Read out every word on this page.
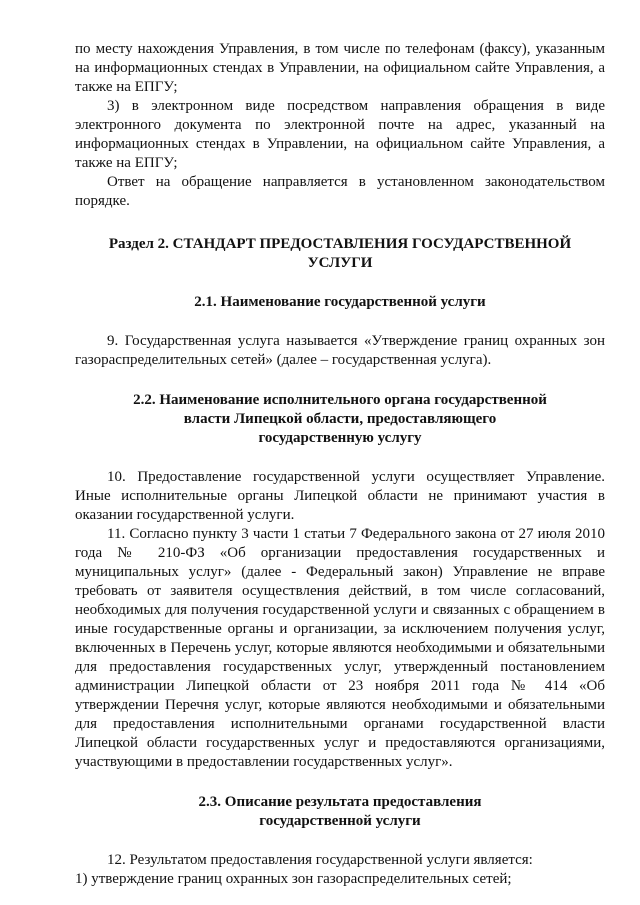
по месту нахождения Управления, в том числе по телефонам (факсу), указанным на информационных стендах в Управлении, на официальном сайте Управления, а также на ЕПГУ;

3) в электронном виде посредством направления обращения в виде электронного документа по электронной почте на адрес, указанный на информационных стендах в Управлении, на официальном сайте Управления, а также на ЕПГУ;

Ответ на обращение направляется в установленном законодательством порядке.

Раздел 2. СТАНДАРТ ПРЕДОСТАВЛЕНИЯ ГОСУДАРСТВЕННОЙ
УСЛУГИ
2.1. Наименование государственной услуги

9. Государственная услуга называется «Утверждение границ охранных зон газораспределительных сетей» (далее – государственная услуга).

2.2. Наименование исполнительного органа государственной
власти Липецкой области, предоставляющего
государственную услугу

10. Предоставление государственной услуги осуществляет Управление. Иные исполнительные органы Липецкой области не принимают участия в оказании государственной услуги.

11. Согласно пункту 3 части 1 статьи 7 Федерального закона от 27 июля 2010 года № 210-ФЗ «Об организации предоставления государственных и муниципальных услуг» (далее - Федеральный закон) Управление не вправе требовать от заявителя осуществления действий, в том числе согласований, необходимых для получения государственной услуги и связанных с обращением в иные государственные органы и организации, за исключением получения услуг, включенных в Перечень услуг, которые являются необходимыми и обязательными для предоставления государственных услуг, утвержденный постановлением администрации Липецкой области от 23 ноября 2011 года № 414 «Об утверждении Перечня услуг, которые являются необходимыми и обязательными для предоставления исполнительными органами государственной власти Липецкой области государственных услуг и предоставляются организациями, участвующими в предоставлении государственных услуг».

2.3. Описание результата предоставления
государственной услуги

12. Результатом предоставления государственной услуги является:

1) утверждение границ охранных зон газораспределительных сетей;
